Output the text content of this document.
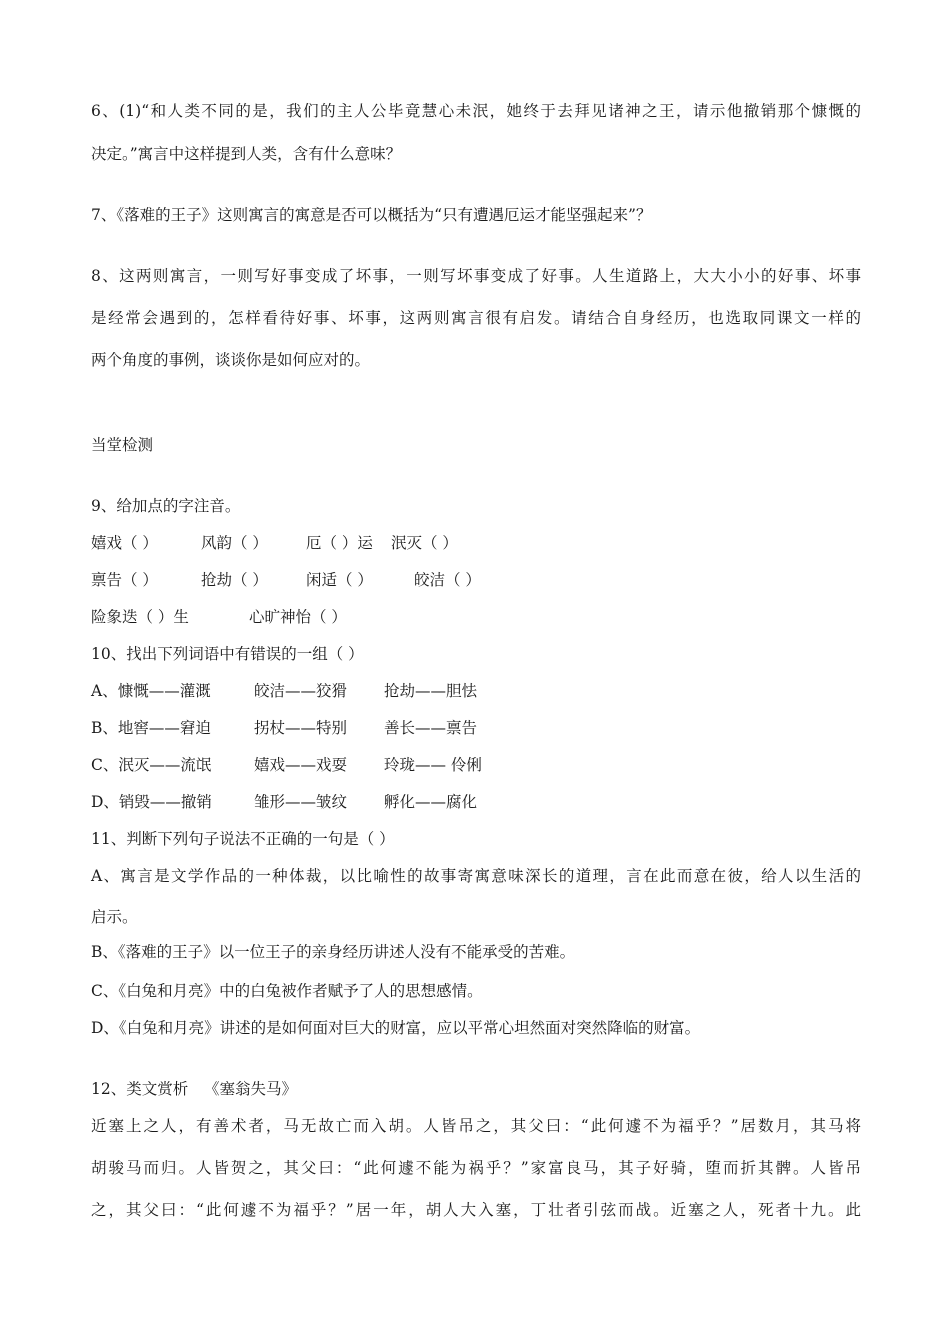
6、(1)“和人类不同的是，我们的主人公毕竟慧心未泯，她终于去拜见诸神之王，请示他撤销那个慷慨的
决定。”寓言中这样提到人类，含有什么意味？
7、《落难的王子》这则寓言的寓意是否可以概括为“只有遭遇厄运才能坚强起来”？
8、这两则寓言，一则写好事变成了坏事，一则写坏事变成了好事。人生道路上，大大小小的好事、坏事
是经常会遇到的，怎样看待好事、坏事，这两则寓言很有启发。请结合自身经历，也选取同课文一样的
两个角度的事例，谈谈你是如何应对的。
当堂检测
9、给加点的字注音。
嬉戏（ ）	风韵（ ） 厄（ ）运 泯灭（ ）
禀告（ ）	抢劫（ ） 闲适（ ）	皎洁（ ）
险象迭（ ）生	心旷神怡（ ）
10、找出下列词语中有错误的一组（ ）
A、慷慨——灌溉	皎洁——狡猾 抢劫——胆怯
B、地窖——窘迫	拐杖——特别 善长——禀告
C、泯灭——流氓	嬉戏——戏耍 玲珑—— 伶俐
D、销毁——撤销	雏形——皱纹 孵化——腐化
11、判断下列句子说法不正确的一句是（ ）
A、寓言是文学作品的一种体裁，以比喻性的故事寄寓意味深长的道理，言在此而意在彼，给人以生活的
启示。
B、《落难的王子》以一位王子的亲身经历讲述人没有不能承受的苦难。
C、《白兔和月亮》中的白兔被作者赋予了人的思想感情。
D、《白兔和月亮》讲述的是如何面对巨大的财富，应以平常心坦然面对突然降临的财富。
12、类文赏析 《塞翁失马》
近塞上之人，有善术者，马无故亡而入胡。人皆吊之，其父曰：“此何遽不为福乎？”居数月，其马将
胡骏马而归。人皆贺之，其父曰：“此何遽不能为祸乎？”家富良马，其子好骑，堕而折其髀。人皆吊
之，其父曰：“此何遽不为福乎？”居一年，胡人大入塞，丁壮者引弦而战。近塞之人，死者十九。此
